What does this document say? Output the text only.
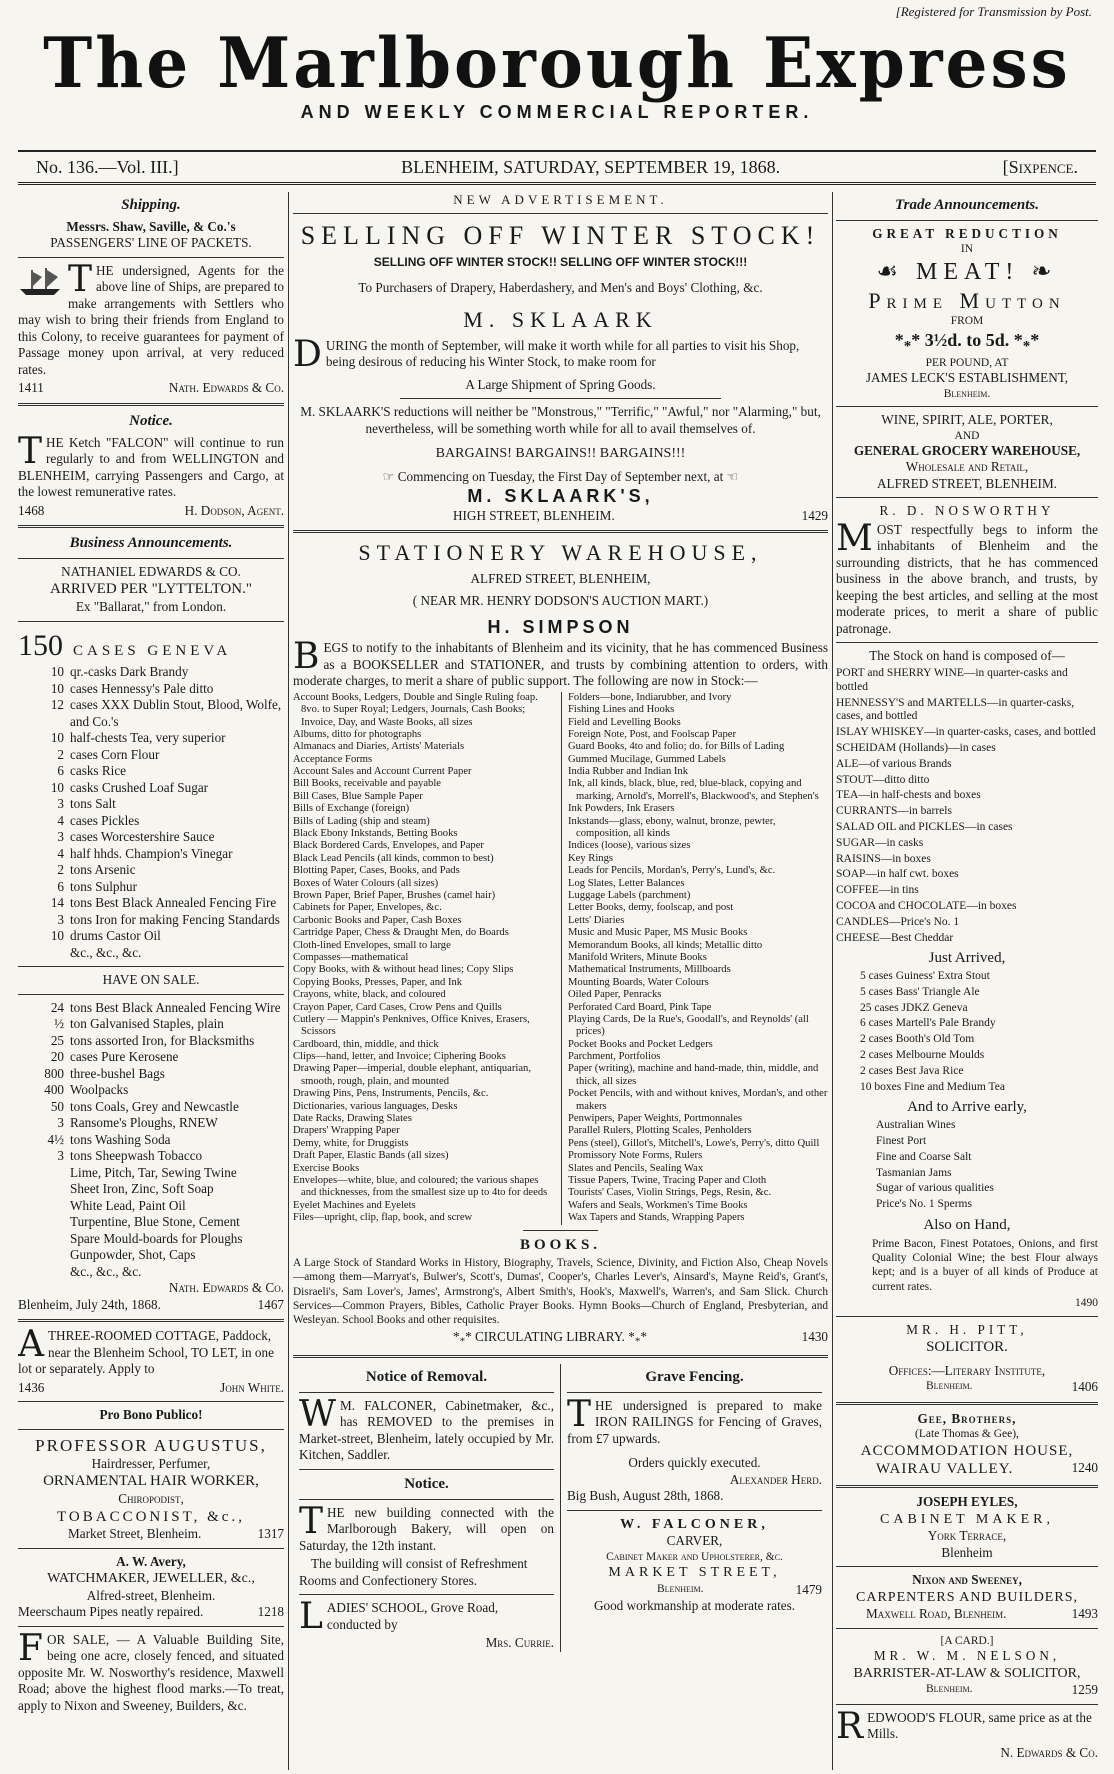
[Registered for Transmission by Post.
The Marlborough Express
AND WEEKLY COMMERCIAL REPORTER.
No. 136.—Vol. III.]	BLENHEIM, SATURDAY, SEPTEMBER 19, 1868.	[Sixpence.
Shipping.
Messrs. Shaw, Saville, & Co.'s
PASSENGERS' LINE OF PACKETS.

THE undersigned, Agents for the above line of Ships, are prepared to make arrangements with Settlers who may wish to bring their friends from England to this Colony, to receive guarantees for payment of Passage money upon arrival, at very reduced rates.

1411	Nath. Edwards & Co.
Notice.

THE Ketch "FALCON" will continue to run regularly to and from WELLINGTON and BLENHEIM, carrying Passengers and Cargo, at the lowest remunerative rates.

1468	H. Dodson, Agent.
Business Announcements.
NATHANIEL EDWARDS & CO.
ARRIVED PER "LYTTELTON."
Ex "Ballarat," from London.
150 CASES GENEVA
10 qr.-casks Dark Brandy
10 cases Hennessy's Pale ditto
12 cases XXX Dublin Stout, Blood, Wolfe, and Co.'s
10 half-chests Tea, very superior
2 cases Corn Flour
6 casks Rice
10 casks Crushed Loaf Sugar
3 tons Salt
4 cases Pickles
3 cases Worcestershire Sauce
4 half hhds. Champion's Vinegar
2 tons Arsenic
6 tons Sulphur
14 tons Best Black Annealed Fencing Fire
3 tons Iron for making Fencing Standards
10 drums Castor Oil
&c., &c., &c.
HAVE ON SALE.
24 tons Best Black Annealed Fencing Wire
½ ton Galvanised Staples, plain
25 tons assorted Iron, for Blacksmiths
20 cases Pure Kerosene
800 three-bushel Bags
400 Woolpacks
50 tons Coals, Grey and Newcastle
3 Ransome's Ploughs, RNEW
4½ tons Washing Soda
3 tons Sheepwash Tobacco
Lime, Pitch, Tar, Sewing Twine
Sheet Iron, Zinc, Soft Soap
White Lead, Paint Oil
Turpentine, Blue Stone, Cement
Spare Mould-boards for Ploughs
Gunpowder, Shot, Caps
&c., &c., &c.
Nath. Edwards & Co.
Blenheim, July 24th, 1868.	1467

ATHREE-ROOMED COTTAGE, Paddock, near the Blenheim School, TO LET, in one lot or separately. Apply to

1436	John White.
Pro Bono Publico!
PROFESSOR AUGUSTUS,
Hairdresser, Perfumer,
ORNAMENTAL HAIR WORKER,
Chiropodist,
TOBACCONIST, &c.,
Market Street, Blenheim.	1317
A. W. Avery,
WATCHMAKER, JEWELLER, &c.,
Alfred-street, Blenheim.
Meerschaum Pipes neatly repaired.	1218

FOR SALE, — A Valuable Building Site, being one acre, closely fenced, and situated opposite Mr. W. Nosworthy's residence, Maxwell Road; above the highest flood marks.—To treat, apply to Nixon and Sweeney, Builders, &c.

NEW ADVERTISEMENT.
SELLING OFF WINTER STOCK!
SELLING OFF WINTER STOCK!! SELLING OFF WINTER STOCK!!!
To Purchasers of Drapery, Haberdashery, and Men's and Boys' Clothing, &c.
M. SKLAARK

DURING the month of September, will make it worth while for all parties to visit his Shop, being desirous of reducing his Winter Stock, to make room for

A Large Shipment of Spring Goods.

M. SKLAARK'S reductions will neither be "Monstrous," "Terrific," "Awful," nor "Alarming," but, nevertheless, will be something worth while for all to avail themselves of.

BARGAINS! BARGAINS!! BARGAINS!!!
☞ Commencing on Tuesday, the First Day of September next, at ☜
M. SKLAARK'S,
HIGH STREET, BLENHEIM.	1429
STATIONERY WAREHOUSE,
ALFRED STREET, BLENHEIM,
( NEAR MR. HENRY DODSON'S AUCTION MART.)
H. SIMPSON

BEGS to notify to the inhabitants of Blenheim and its vicinity, that he has commenced Business as a BOOKSELLER and STATIONER, and trusts by combining attention to orders, with moderate charges, to merit a share of public support. The following are now in Stock:—

Account Books, Ledgers, Double and Single Ruling foap. 8vo. to Super Royal; Ledgers, Journals, Cash Books; Invoice, Day, and Waste Books, all sizes

Albums, ditto for photographs

Almanacs and Diaries, Artists' Materials

Acceptance Forms

Account Sales and Account Current Paper

Bill Books, receivable and payable

Bill Cases, Blue Sample Paper

Bills of Exchange (foreign)

Bills of Lading (ship and steam)

Black Ebony Inkstands, Betting Books

Black Bordered Cards, Envelopes, and Paper

Black Lead Pencils (all kinds, common to best)

Blotting Paper, Cases, Books, and Pads

Boxes of Water Colours (all sizes)

Brown Paper, Brief Paper, Brushes (camel hair)

Cabinets for Paper, Envelopes, &c.

Carbonic Books and Paper, Cash Boxes

Cartridge Paper, Chess & Draught Men, do Boards

Cloth-lined Envelopes, small to large

Compasses—mathematical

Copy Books, with & without head lines; Copy Slips

Copying Books, Presses, Paper, and Ink

Crayons, white, black, and coloured

Crayon Paper, Card Cases, Crow Pens and Quills

Cutlery — Mappin's Penknives, Office Knives, Erasers, Scissors

Cardboard, thin, middle, and thick

Clips—hand, letter, and Invoice; Ciphering Books

Drawing Paper—imperial, double elephant, antiquarian, smooth, rough, plain, and mounted

Drawing Pins, Pens, Instruments, Pencils, &c.

Dictionaries, various languages, Desks

Date Racks, Drawing Slates

Drapers' Wrapping Paper

Demy, white, for Druggists

Draft Paper, Elastic Bands (all sizes)

Exercise Books

Envelopes—white, blue, and coloured; the various shapes and thicknesses, from the smallest size up to 4to for deeds

Eyelet Machines and Eyelets

Files—upright, clip, flap, book, and screw

Folders—bone, Indiarubber, and Ivory

Fishing Lines and Hooks

Field and Levelling Books

Foreign Note, Post, and Foolscap Paper

Guard Books, 4to and folio; do. for Bills of Lading

Gummed Mucilage, Gummed Labels

India Rubber and Indian Ink

Ink, all kinds, black, blue, red, blue-black, copying and marking, Arnold's, Morrell's, Blackwood's, and Stephen's

Ink Powders, Ink Erasers

Inkstands—glass, ebony, walnut, bronze, pewter, composition, all kinds

Indices (loose), various sizes

Key Rings

Leads for Pencils, Mordan's, Perry's, Lund's, &c.

Log Slates, Letter Balances

Luggage Labels (parchment)

Letter Books, demy, foolscap, and post

Letts' Diaries

Music and Music Paper, MS Music Books

Memorandum Books, all kinds; Metallic ditto

Manifold Writers, Minute Books

Mathematical Instruments, Millboards

Mounting Boards, Water Colours

Oiled Paper, Penracks

Perforated Card Board, Pink Tape

Playing Cards, De la Rue's, Goodall's, and Reynolds' (all prices)

Pocket Books and Pocket Ledgers

Parchment, Portfolios

Paper (writing), machine and hand-made, thin, middle, and thick, all sizes

Pocket Pencils, with and without knives, Mordan's, and other makers

Penwipers, Paper Weights, Portmonnales

Parallel Rulers, Plotting Scales, Penholders

Pens (steel), Gillot's, Mitchell's, Lowe's, Perry's, ditto Quill

Promissory Note Forms, Rulers

Slates and Pencils, Sealing Wax

Tissue Papers, Twine, Tracing Paper and Cloth

Tourists' Cases, Violin Strings, Pegs, Resin, &c.

Wafers and Seals, Workmen's Time Books

Wax Tapers and Stands, Wrapping Papers

BOOKS.

A Large Stock of Standard Works in History, Biography, Travels, Science, Divinity, and Fiction Also, Cheap Novels—among them—Marryat's, Bulwer's, Scott's, Dumas', Cooper's, Charles Lever's, Ainsard's, Mayne Reid's, Grant's, Disraeli's, Sam Lover's, James', Armstrong's, Albert Smith's, Hook's, Maxwell's, Warren's, and Sam Slick. Church Services—Common Prayers, Bibles, Catholic Prayer Books. Hymn Books—Church of England, Presbyterian, and Wesleyan. School Books and other requisites.

$*_**$ CIRCULATING LIBRARY. $*_**$	1430
Notice of Removal.

W M. FALCONER, Cabinetmaker, &c., has REMOVED to the premises in Market-street, Blenheim, lately occupied by Mr. Kitchen, Saddler.

Notice.

THE new building connected with the Marlborough Bakery, will open on Saturday, the 12th instant.

The building will consist of Refreshment Rooms and Confectionery Stores.

LADIES' SCHOOL, Grove Road, conducted by

Mrs. Currie.
Grave Fencing.

THE undersigned is prepared to make IRON RAILINGS for Fencing of Graves, from £7 upwards.

Orders quickly executed.
Alexander Herd.
Big Bush, August 28th, 1868.
W. FALCONER,
CARVER,
Cabinet Maker and Upholsterer, &c.
MARKET STREET,
Blenheim.	1479
Good workmanship at moderate rates.
Trade Announcements.
GREAT REDUCTION
IN
☙ MEAT! ❧
Prime Mutton
FROM
$*_**$ 3½d. to 5d. $*_**$
PER POUND, AT
JAMES LECK'S ESTABLISHMENT,
Blenheim.
WINE, SPIRIT, ALE, PORTER,
AND
GENERAL GROCERY WAREHOUSE,
Wholesale and Retail,
ALFRED STREET, BLENHEIM.
R. D. NOSWORTHY

MOST respectfully begs to inform the inhabitants of Blenheim and the surrounding districts, that he has commenced business in the above branch, and trusts, by keeping the best articles, and selling at the most moderate prices, to merit a share of public patronage.

The Stock on hand is composed of—

PORT and SHERRY WINE—in quarter-casks and bottled

HENNESSY'S and MARTELLS—in quarter-casks, cases, and bottled

ISLAY WHISKEY—in quarter-casks, cases, and bottled

SCHEIDAM (Hollands)—in cases

ALE—of various Brands

STOUT—ditto ditto

TEA—in half-chests and boxes

CURRANTS—in barrels

SALAD OIL and PICKLES—in cases

SUGAR—in casks

RAISINS—in boxes

SOAP—in half cwt. boxes

COFFEE—in tins

COCOA and CHOCOLATE—in boxes

CANDLES—Price's No. 1

CHEESE—Best Cheddar

Just Arrived,

5 cases Guiness' Extra Stout

5 cases Bass' Triangle Ale

25 cases JDKZ Geneva

6 cases Martell's Pale Brandy

2 cases Booth's Old Tom

2 cases Melbourne Moulds

2 cases Best Java Rice

10 boxes Fine and Medium Tea

And to Arrive early,

Australian Wines

Finest Port

Fine and Coarse Salt

Tasmanian Jams

Sugar of various qualities

Price's No. 1 Sperms

Also on Hand,

Prime Bacon, Finest Potatoes, Onions, and first Quality Colonial Wine; the best Flour always kept; and is a buyer of all kinds of Produce at current rates.

1490
MR. H. PITT,
SOLICITOR.
Offices:—Literary Institute,
Blenheim.	1406
Gee, Brothers,
(Late Thomas & Gee),
ACCOMMODATION HOUSE,
WAIRAU VALLEY.	1240
JOSEPH EYLES,
CABINET MAKER,
York Terrace,
Blenheim
Nixon and Sweeney,
CARPENTERS AND BUILDERS,
Maxwell Road, Blenheim.	1493
[A CARD.]
MR. W. M. NELSON,
BARRISTER-AT-LAW & SOLICITOR,
Blenheim.	1259

REDWOOD'S FLOUR, same price as at the Mills.

N. Edwards & Co.
